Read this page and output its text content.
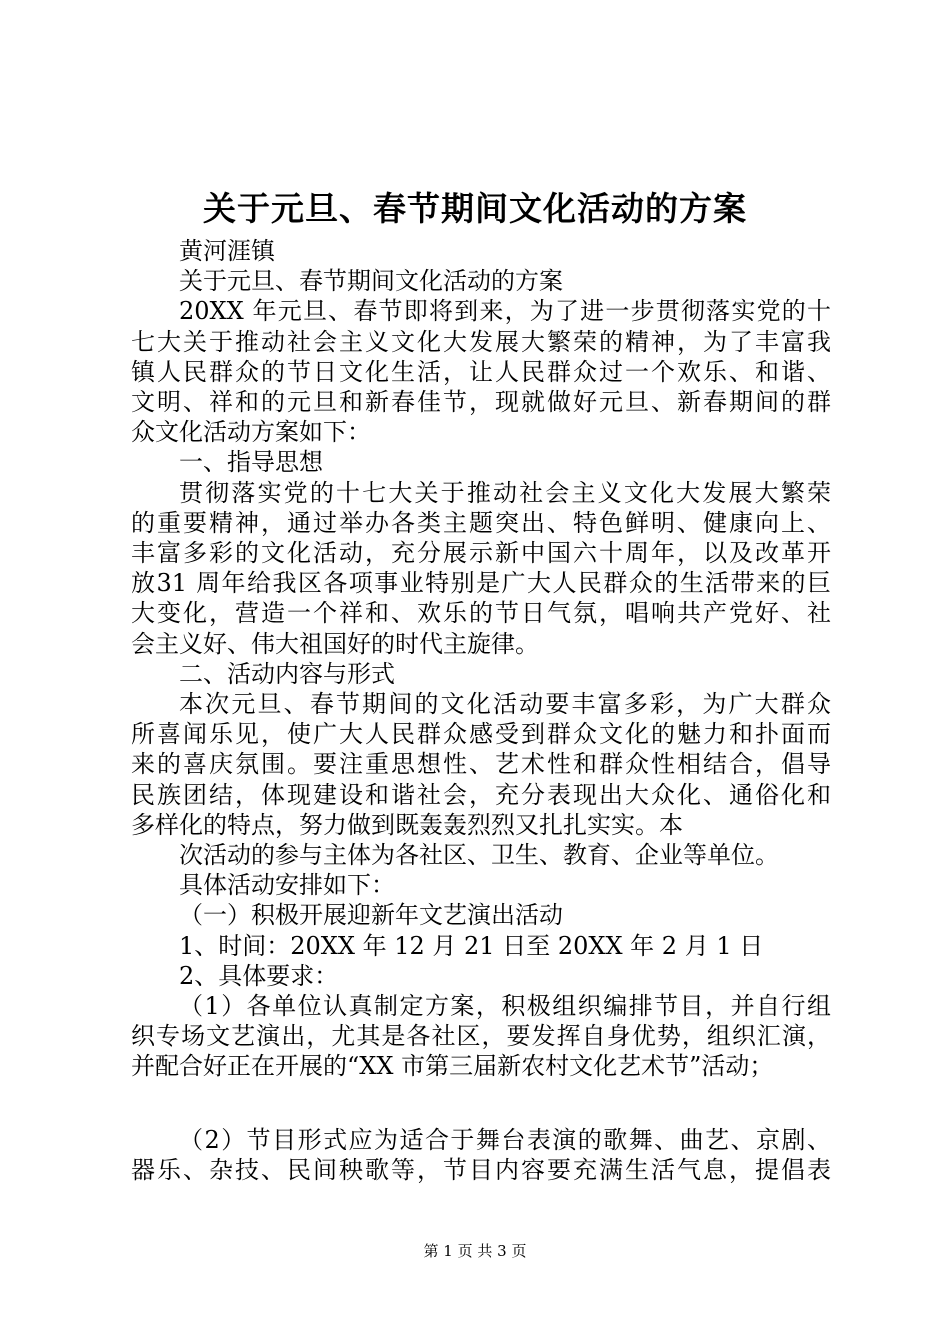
关于元旦、春节期间文化活动的方案

黄河涯镇

关于元旦、春节期间文化活动的方案

20XX 年元旦、春节即将到来，为了进一步贯彻落实党的十

七大关于推动社会主义文化大发展大繁荣的精神，为了丰富我

镇人民群众的节日文化生活，让人民群众过一个欢乐、和谐、

文明、祥和的元旦和新春佳节，现就做好元旦、新春期间的群

众文化活动方案如下：

一、指导思想

贯彻落实党的十七大关于推动社会主义文化大发展大繁荣

的重要精神，通过举办各类主题突出、特色鲜明、健康向上、

丰富多彩的文化活动，充分展示新中国六十周年，以及改革开

放31 周年给我区各项事业特别是广大人民群众的生活带来的巨

大变化，营造一个祥和、欢乐的节日气氛，唱响共产党好、社

会主义好、伟大祖国好的时代主旋律。

二、活动内容与形式

本次元旦、春节期间的文化活动要丰富多彩，为广大群众

所喜闻乐见，使广大人民群众感受到群众文化的魅力和扑面而

来的喜庆氛围。要注重思想性、艺术性和群众性相结合，倡导

民族团结，体现建设和谐社会，充分表现出大众化、通俗化和

多样化的特点，努力做到既轰轰烈烈又扎扎实实。本

次活动的参与主体为各社区、卫生、教育、企业等单位。

具体活动安排如下：

（一）积极开展迎新年文艺演出活动

1、时间：20XX 年 12 月 21 日至 20XX 年 2 月 1 日

2、具体要求：

（1）各单位认真制定方案，积极组织编排节目，并自行组

织专场文艺演出，尤其是各社区，要发挥自身优势，组织汇演，

并配合好正在开展的“XX 市第三届新农村文化艺术节”活动；

（2）节目形式应为适合于舞台表演的歌舞、曲艺、京剧、

器乐、杂技、民间秧歌等，节目内容要充满生活气息，提倡表

第 1 页 共 3 页
